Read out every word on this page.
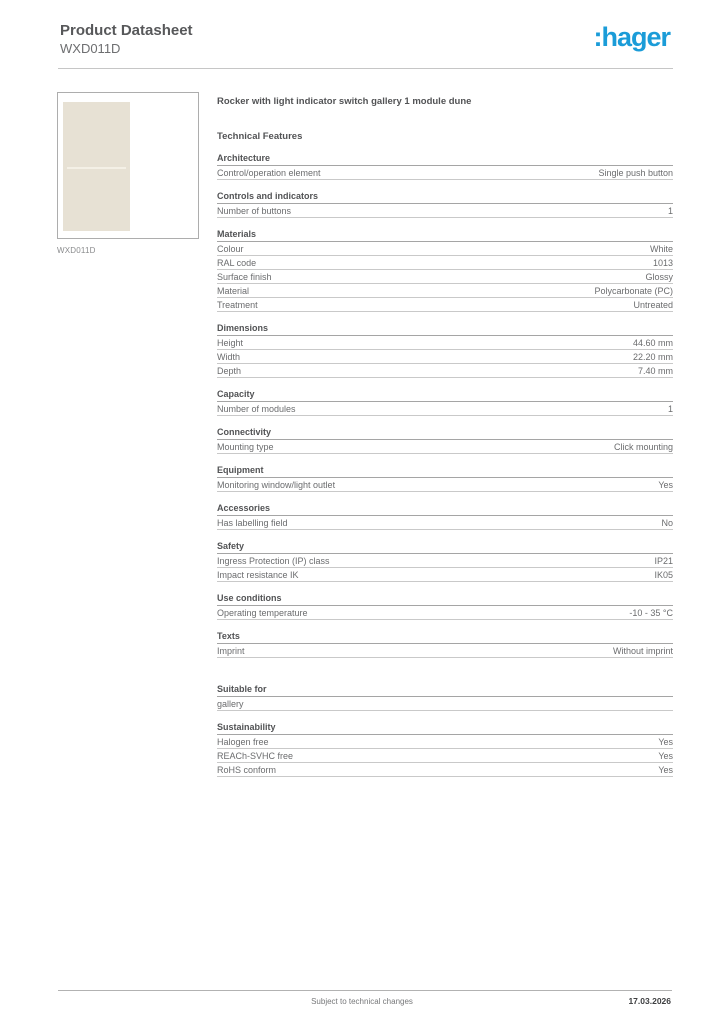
Product Datasheet
WXD011D	:hager
WXD011D
Rocker with light indicator switch gallery 1 module dune
Technical Features
Architecture
Control/operation element	Single push button
Controls and indicators
Number of buttons	1
Materials
Colour	White
RAL code	1013
Surface finish	Glossy
Material	Polycarbonate (PC)
Treatment	Untreated
Dimensions
Height	44.60 mm
Width	22.20 mm
Depth	7.40 mm
Capacity
Number of modules	1
Connectivity
Mounting type	Click mounting
Equipment
Monitoring window/light outlet	Yes
Accessories
Has labelling field	No
Safety
Ingress Protection (IP) class	IP21
Impact resistance IK	IK05
Use conditions
Operating temperature	-10 - 35 °C
Texts
Imprint	Without imprint
Suitable for
gallery
Sustainability
Halogen free	Yes
REACh-SVHC free	Yes
RoHS conform	Yes
Subject to technical changes	17.03.2026
